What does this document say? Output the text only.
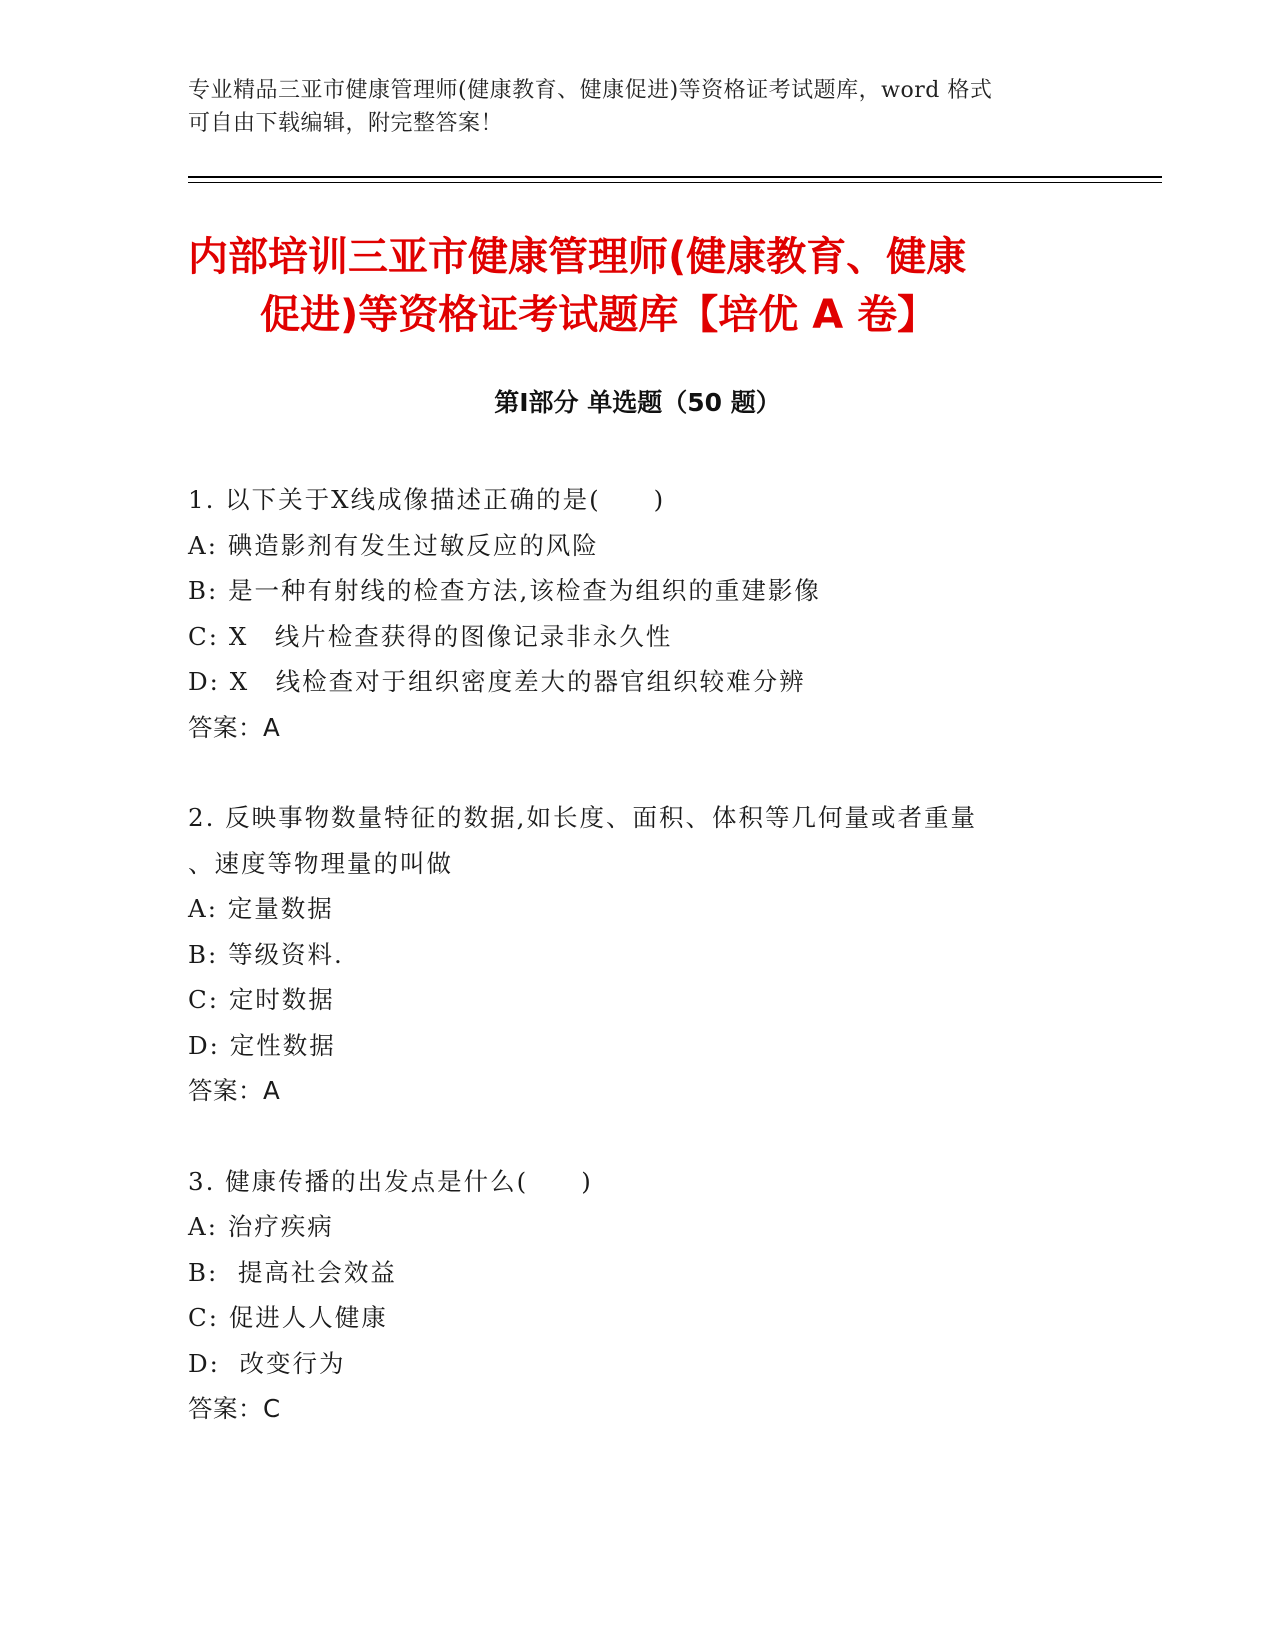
专业精品三亚市健康管理师(健康教育、健康促进)等资格证考试题库，word 格式
可自由下载编辑，附完整答案！
内部培训三亚市健康管理师(健康教育、健康
促进)等资格证考试题库【培优 A 卷】
第Ⅰ部分 单选题（50 题）
1. 以下关于X线成像描述正确的是(　　)
A: 碘造影剂有发生过敏反应的风险
B: 是一种有射线的检查方法,该检查为组织的重建影像
C: X　线片检查获得的图像记录非永久性
D: X　线检查对于组织密度差大的器官组织较难分辨
答案：A
2. 反映事物数量特征的数据,如长度、面积、体积等几何量或者重量
、速度等物理量的叫做
A: 定量数据
B: 等级资料.
C: 定时数据
D: 定性数据
答案：A
3. 健康传播的出发点是什么(　　)
A: 治疗疾病
B:  提高社会效益
C: 促进人人健康
D:  改变行为
答案：C
